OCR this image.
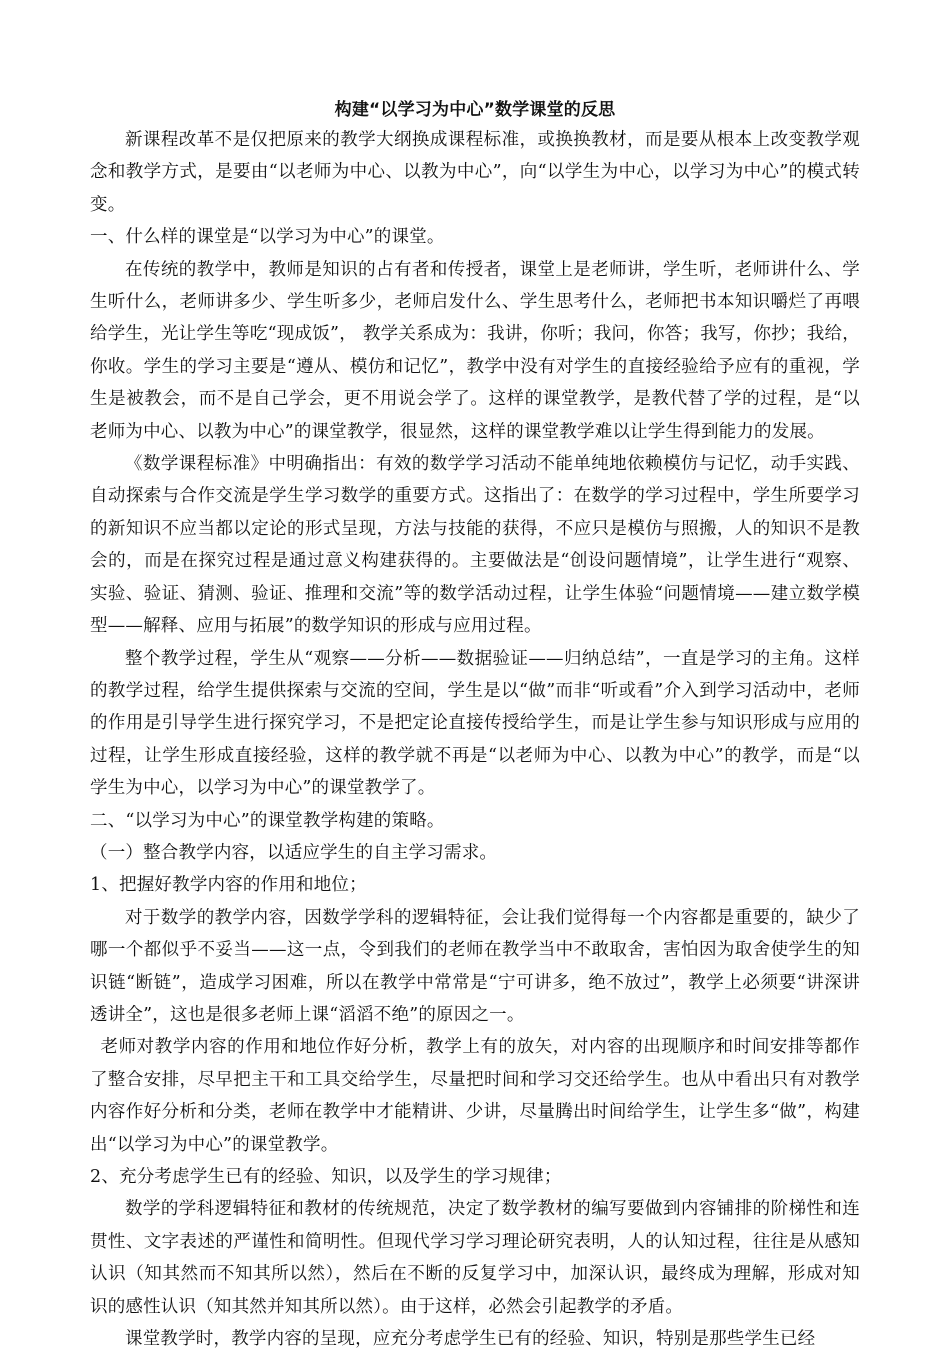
构建“以学习为中心”数学课堂的反思

新课程改革不是仅把原来的教学大纲换成课程标准，或换换教材，而是要从根本上改变教学观念和教学方式，是要由“以老师为中心、以教为中心”，向“以学生为中心，以学习为中心”的模式转变。

一、什么样的课堂是“以学习为中心”的课堂。

在传统的教学中，教师是知识的占有者和传授者，课堂上是老师讲，学生听，老师讲什么、学生听什么，老师讲多少、学生听多少，老师启发什么、学生思考什么，老师把书本知识嚼烂了再喂给学生，光让学生等吃“现成饭”， 教学关系成为：我讲，你听；我问，你答；我写，你抄；我给，你收。学生的学习主要是“遵从、模仿和记忆”，教学中没有对学生的直接经验给予应有的重视，学生是被教会，而不是自己学会，更不用说会学了。这样的课堂教学，是教代替了学的过程，是“以老师为中心、以教为中心”的课堂教学，很显然，这样的课堂教学难以让学生得到能力的发展。

《数学课程标准》中明确指出：有效的数学学习活动不能单纯地依赖模仿与记忆，动手实践、自动探索与合作交流是学生学习数学的重要方式。这指出了：在数学的学习过程中，学生所要学习的新知识不应当都以定论的形式呈现，方法与技能的获得，不应只是模仿与照搬，人的知识不是教会的，而是在探究过程是通过意义构建获得的。主要做法是“创设问题情境”，让学生进行“观察、实验、验证、猜测、验证、推理和交流”等的数学活动过程，让学生体验“问题情境——建立数学模型——解释、应用与拓展”的数学知识的形成与应用过程。

整个教学过程，学生从“观察——分析——数据验证——归纳总结”，一直是学习的主角。这样的教学过程，给学生提供探索与交流的空间，学生是以“做”而非“听或看”介入到学习活动中，老师的作用是引导学生进行探究学习，不是把定论直接传授给学生，而是让学生参与知识形成与应用的过程，让学生形成直接经验，这样的教学就不再是“以老师为中心、以教为中心”的教学，而是“以学生为中心，以学习为中心”的课堂教学了。

二、“以学习为中心”的课堂教学构建的策略。

（一）整合教学内容，以适应学生的自主学习需求。

1、把握好教学内容的作用和地位；

对于数学的教学内容，因数学学科的逻辑特征，会让我们觉得每一个内容都是重要的，缺少了哪一个都似乎不妥当——这一点，令到我们的老师在教学当中不敢取舍，害怕因为取舍使学生的知识链“断链”，造成学习困难，所以在教学中常常是“宁可讲多，绝不放过”，教学上必须要“讲深讲透讲全”，这也是很多老师上课“滔滔不绝”的原因之一。

老师对教学内容的作用和地位作好分析，教学上有的放矢，对内容的出现顺序和时间安排等都作了整合安排，尽早把主干和工具交给学生，尽量把时间和学习交还给学生。也从中看出只有对教学内容作好分析和分类，老师在教学中才能精讲、少讲，尽量腾出时间给学生，让学生多“做”，构建出“以学习为中心”的课堂教学。

2、充分考虑学生已有的经验、知识，以及学生的学习规律；

数学的学科逻辑特征和教材的传统规范，决定了数学教材的编写要做到内容铺排的阶梯性和连贯性、文字表述的严谨性和简明性。但现代学习学习理论研究表明，人的认知过程，往往是从感知认识（知其然而不知其所以然），然后在不断的反复学习中，加深认识，最终成为理解，形成对知识的感性认识（知其然并知其所以然）。由于这样，必然会引起教学的矛盾。

课堂教学时，教学内容的呈现，应充分考虑学生已有的经验、知识，特别是那些学生已经
